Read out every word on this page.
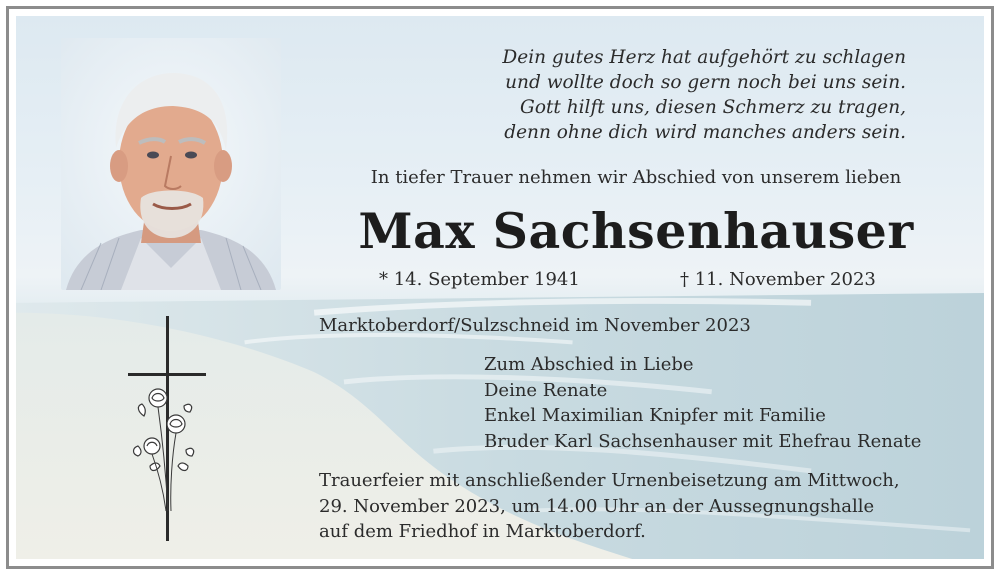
Dein gutes Herz hat aufgehört zu schlagen
und wollte doch so gern noch bei uns sein.
Gott hilft uns, diesen Schmerz zu tragen,
denn ohne dich wird manches anders sein.
In tiefer Trauer nehmen wir Abschied von unserem lieben
Max Sachsenhauser
* 14. September 1941	† 11. November 2023
Marktoberdorf/Sulzschneid im November 2023
Zum Abschied in Liebe
Deine Renate
Enkel Maximilian Knipfer mit Familie
Bruder Karl Sachsenhauser mit Ehefrau Renate
Trauerfeier mit anschließender Urnenbeisetzung am Mittwoch,
29. November 2023, um 14.00 Uhr an der Aussegnungshalle
auf dem Friedhof in Marktoberdorf.
